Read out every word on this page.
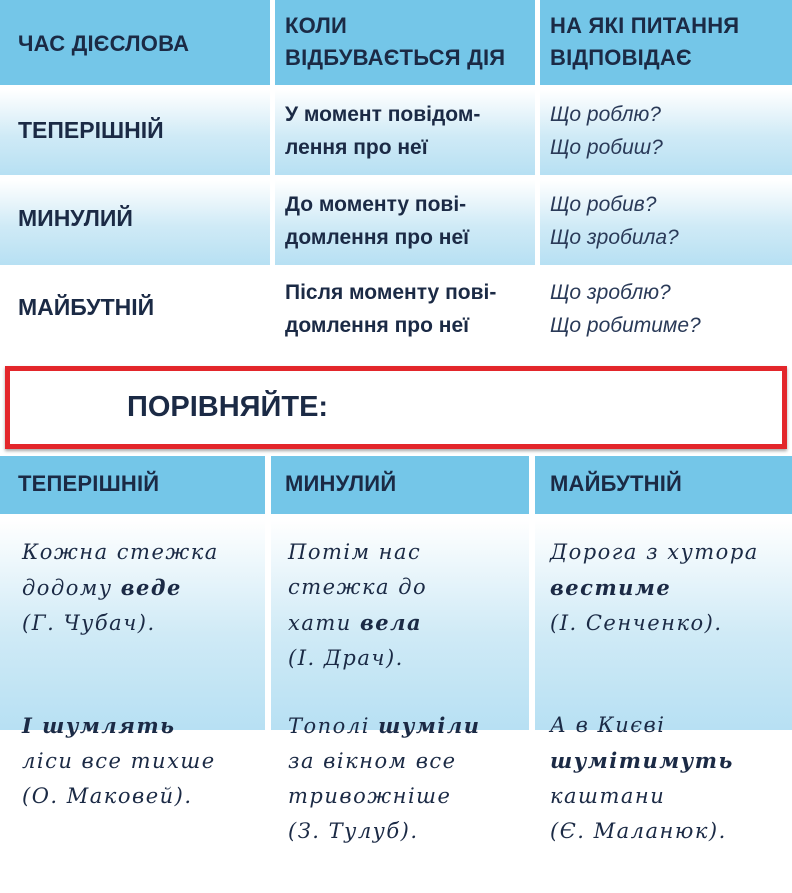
ЧАС ДІЄСЛОВА
КОЛИ
ВІДБУВАЄТЬСЯ ДІЯ
НА ЯКІ ПИТАННЯ
ВІДПОВІДАЄ
ТЕПЕРІШНІЙ
У момент повідом-
лення про неї
Що роблю?
Що робиш?
МИНУЛИЙ
До моменту пові-
домлення про неї
Що робив?
Що зробила?
МАЙБУТНІЙ
Після моменту пові-
домлення про неї
Що зроблю?
Що робитиме?
ПОРІВНЯЙТЕ:
ТЕПЕРІШНІЙ	МИНУЛИЙ	МАЙБУТНІЙ
Кожна стежка
додому веде
(Г. Чубач).
Потім нас
стежка до
хати вела
(І. Драч).
Дорога з хутора
вестиме
(І. Сенченко).
І шумлять
ліси все тихше
(О. Маковей).
Тополі шуміли
за вікном все
тривожніше
(З. Тулуб).
А в Києві
шумітимуть
каштани
(Є. Маланюк).
